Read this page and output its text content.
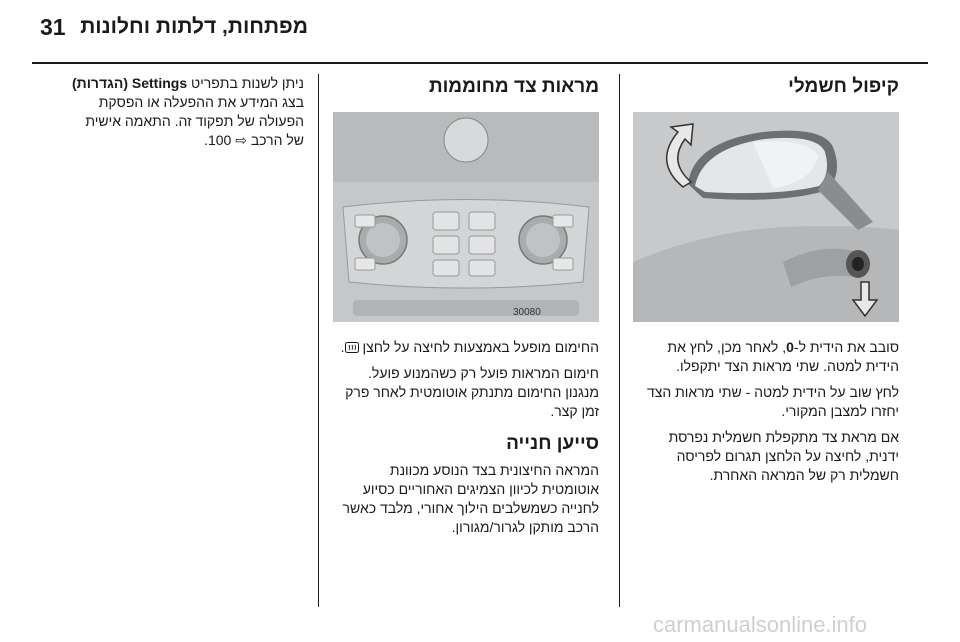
31 מפתחות, דלתות וחלונות
קיפול חשמלי
סובב את הידית ל-0, לאחר מכן, לחץ את הידית למטה. שתי מראות הצד יתקפלו.
לחץ שוב על הידית למטה - שתי מראות הצד יחזרו למצבן המקורי.
אם מראת צד מתקפלת חשמלית נפרסת ידנית, לחיצה על הלחצן תגרום לפריסה חשמלית רק של המראה האחרת.
מראות צד מחוממות
30080
החימום מופעל באמצעות לחיצה על לחצן .
חימום המראות פועל רק כשהמנוע פועל. מנגנון החימום מתנתק אוטומטית לאחר פרק זמן קצר.
סייען חנייה
המראה החיצונית בצד הנוסע מכוונת אוטומטית לכיוון הצמיגים האחוריים כסיוע לחנייה כשמשלבים הילוך אחורי, מלבד כאשר הרכב מותקן לגרור/מגורון.
ניתן לשנות בתפריט Settings (הגדרות)
בצג המידע את ההפעלה או הפסקת
הפעולה של תפקוד זה. התאמה אישית
של הרכב ⇨ 100.
carmanualsonline.info
